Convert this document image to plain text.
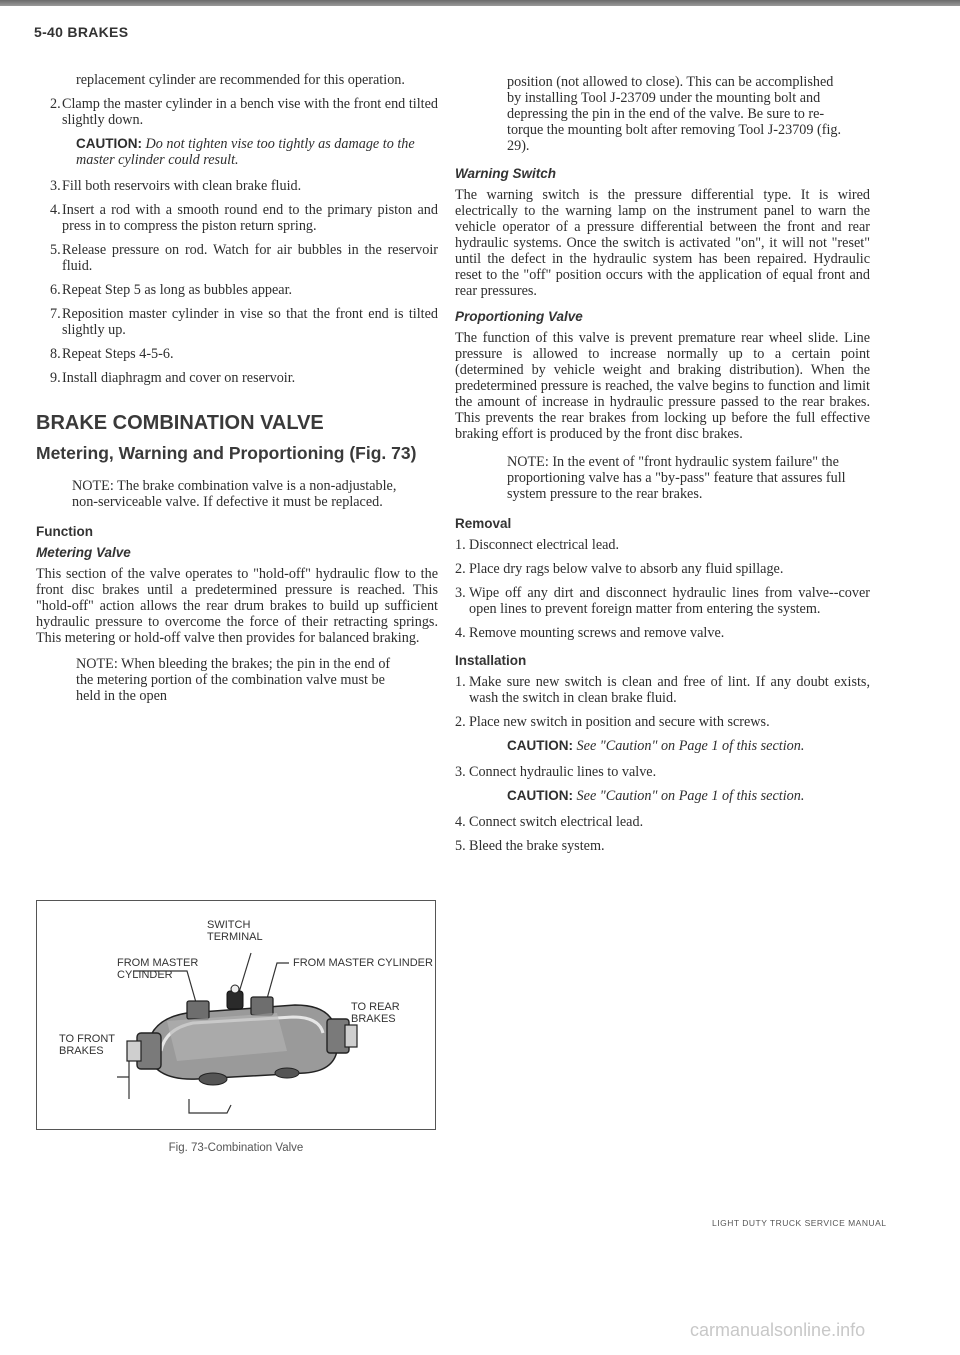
5-40 BRAKES

replacement cylinder are recommended for this operation.

2. Clamp the master cylinder in a bench vise with the front end tilted slightly down.
CAUTION: Do not tighten vise too tightly as damage to the master cylinder could result.
3. Fill both reservoirs with clean brake fluid.
4. Insert a rod with a smooth round end to the primary piston and press in to compress the piston return spring.
5. Release pressure on rod. Watch for air bubbles in the reservoir fluid.
6. Repeat Step 5 as long as bubbles appear.
7. Reposition master cylinder in vise so that the front end is tilted slightly up.
8. Repeat Steps 4-5-6.
9. Install diaphragm and cover on reservoir.
BRAKE COMBINATION VALVE
Metering, Warning and Proportioning (Fig. 73)

NOTE: The brake combination valve is a non-adjustable, non-serviceable valve. If defective it must be replaced.

Function
Metering Valve

This section of the valve operates to "hold-off" hydraulic flow to the front disc brakes until a predetermined pressure is reached. This "hold-off" action allows the rear drum brakes to build up sufficient hydraulic pressure to overcome the force of their retracting springs. This metering or hold-off valve then provides for balanced braking.

NOTE: When bleeding the brakes; the pin in the end of the metering portion of the combination valve must be held in the open

SWITCH TERMINAL
FROM MASTER CYLINDER
FROM MASTER CYLINDER
TO REAR BRAKES
TO FRONT BRAKES
Fig. 73-Combination Valve

position (not allowed to close). This can be accomplished by installing Tool J-23709 under the mounting bolt and depressing the pin in the end of the valve. Be sure to re-torque the mounting bolt after removing Tool J-23709 (fig. 29).

Warning Switch

The warning switch is the pressure differential type. It is wired electrically to the warning lamp on the instrument panel to warn the vehicle operator of a pressure differential between the front and rear hydraulic systems. Once the switch is activated "on", it will not "reset" until the defect in the hydraulic system has been repaired. Hydraulic reset to the "off" position occurs with the application of equal front and rear pressures.

Proportioning Valve

The function of this valve is prevent premature rear wheel slide. Line pressure is allowed to increase normally up to a certain point (determined by vehicle weight and braking distribution). When the predetermined pressure is reached, the valve begins to function and limit the amount of increase in hydraulic pressure passed to the rear brakes. This prevents the rear brakes from locking up before the full effective braking effort is produced by the front disc brakes.

NOTE: In the event of "front hydraulic system failure" the proportioning valve has a "by-pass" feature that assures full system pressure to the rear brakes.

Removal
1. Disconnect electrical lead.
2. Place dry rags below valve to absorb any fluid spillage.
3. Wipe off any dirt and disconnect hydraulic lines from valve--cover open lines to prevent foreign matter from entering the system.
4. Remove mounting screws and remove valve.
Installation
1. Make sure new switch is clean and free of lint. If any doubt exists, wash the switch in clean brake fluid.
2. Place new switch in position and secure with screws.
CAUTION: See "Caution" on Page 1 of this section.
3. Connect hydraulic lines to valve.
CAUTION: See "Caution" on Page 1 of this section.
4. Connect switch electrical lead.
5. Bleed the brake system.
LIGHT DUTY TRUCK SERVICE MANUAL
carmanualsonline.info
